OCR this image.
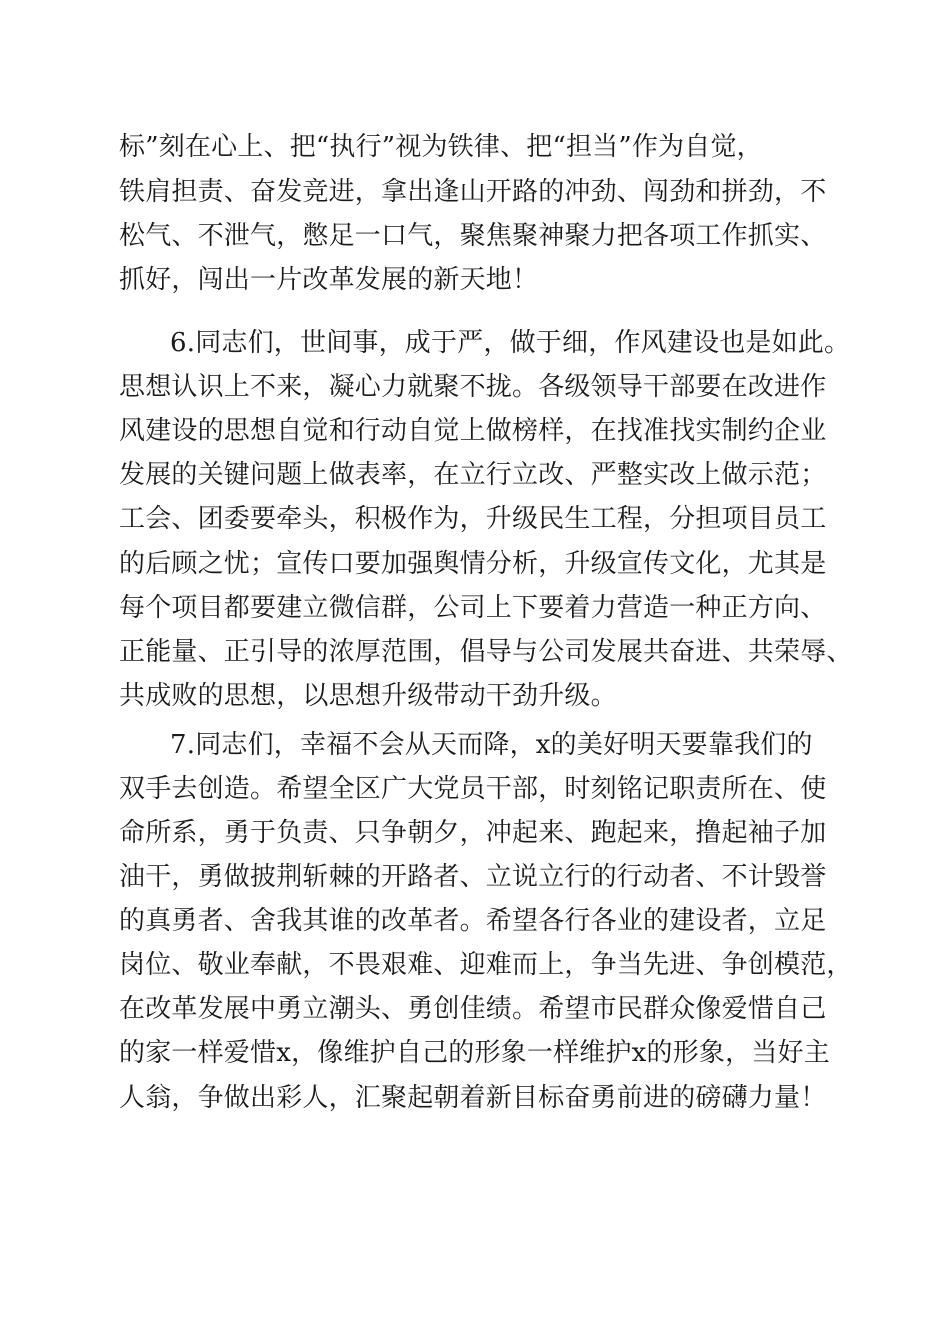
标”刻在心上、把“执行”视为铁律、把“担当”作为自觉，
铁肩担责、奋发竞进，拿出逢山开路的冲劲、闯劲和拼劲，不
松气、不泄气，憋足一口气，聚焦聚神聚力把各项工作抓实、
抓好，闯出一片改革发展的新天地！
6.同志们，世间事，成于严，做于细，作风建设也是如此。
思想认识上不来，凝心力就聚不拢。各级领导干部要在改进作
风建设的思想自觉和行动自觉上做榜样，在找准找实制约企业
发展的关键问题上做表率，在立行立改、严整实改上做示范；
工会、团委要牵头，积极作为，升级民生工程，分担项目员工
的后顾之忧；宣传口要加强舆情分析，升级宣传文化，尤其是
每个项目都要建立微信群，公司上下要着力营造一种正方向、
正能量、正引导的浓厚范围，倡导与公司发展共奋进、共荣辱、
共成败的思想，以思想升级带动干劲升级。
7.同志们，幸福不会从天而降，x的美好明天要靠我们的
双手去创造。希望全区广大党员干部，时刻铭记职责所在、使
命所系，勇于负责、只争朝夕，冲起来、跑起来，撸起袖子加
油干，勇做披荆斩棘的开路者、立说立行的行动者、不计毁誉
的真勇者、舍我其谁的改革者。希望各行各业的建设者，立足
岗位、敬业奉献，不畏艰难、迎难而上，争当先进、争创模范，
在改革发展中勇立潮头、勇创佳绩。希望市民群众像爱惜自己
的家一样爱惜x，像维护自己的形象一样维护x的形象，当好主
人翁，争做出彩人，汇聚起朝着新目标奋勇前进的磅礴力量！
